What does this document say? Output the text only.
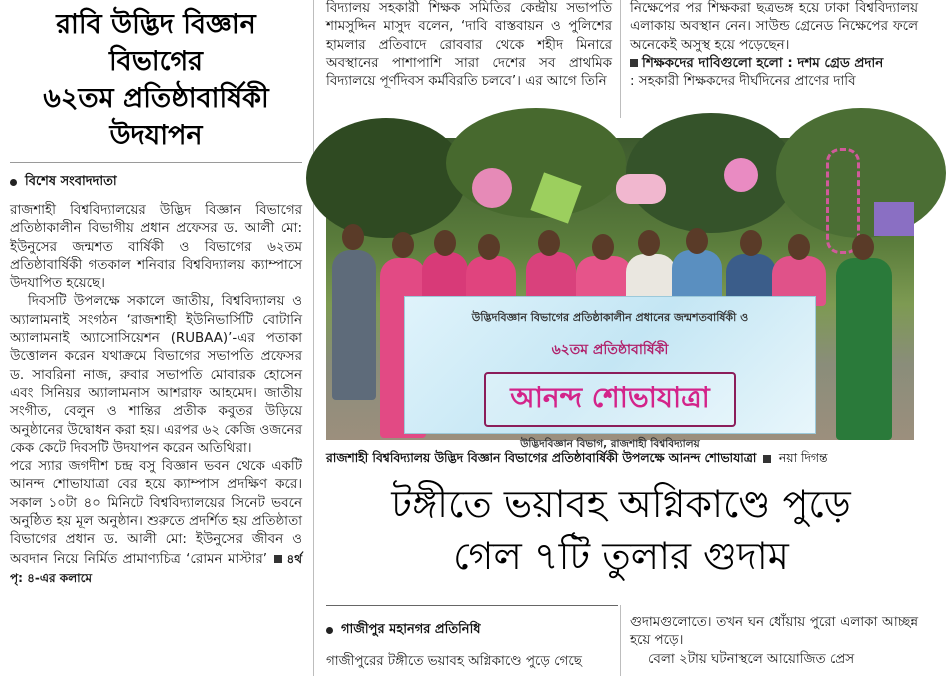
রাবি উদ্ভিদ বিজ্ঞান বিভাগের
৬২তম প্রতিষ্ঠাবার্ষিকী
উদযাপন
বিশেষ সংবাদদাতা

রাজশাহী বিশ্ববিদ্যালয়ের উদ্ভিদ বিজ্ঞান বিভাগের প্রতিষ্ঠাকালীন বিভাগীয় প্রধান প্রফেসর ড. আলী মো: ইউনুসের জন্মশত বার্ষিকী ও বিভাগের ৬২তম প্রতিষ্ঠাবার্ষিকী গতকাল শনিবার বিশ্ববিদ্যালয় ক্যাম্পাসে উদযাপিত হয়েছে।

দিবসটি উপলক্ষে সকালে জাতীয়, বিশ্ববিদ্যালয় ও অ্যালামনাই সংগঠন ‘রাজশাহী ইউনিভার্সিটি বোটানি অ্যালামনাই অ্যাসোসিয়েশন (RUBAA)’-এর পতাকা উত্তোলন করেন যথাক্রমে বিভাগের সভাপতি প্রফেসর ড. সাবরিনা নাজ, রুবার সভাপতি মোবারক হোসেন এবং সিনিয়র অ্যালামনাস আশরাফ আহমেদ। জাতীয় সংগীত, বেলুন ও শান্তির প্রতীক কবুতর উড়িয়ে অনুষ্ঠানের উদ্বোধন করা হয়। এরপর ৬২ কেজি ওজনের কেক কেটে দিবসটি উদযাপন করেন অতিথিরা।

পরে স্যার জগদীশ চন্দ্র বসু বিজ্ঞান ভবন থেকে একটি আনন্দ শোভাযাত্রা বের হয়ে ক্যাম্পাস প্রদক্ষিণ করে। সকাল ১০টা ৪০ মিনিটে বিশ্ববিদ্যালয়ের সিনেট ভবনে অনুষ্ঠিত হয় মূল অনুষ্ঠান। শুরুতে প্রদর্শিত হয় প্রতিষ্ঠাতা বিভাগের প্রধান ড. আলী মো: ইউনুসের জীবন ও অবদান নিয়ে নির্মিত প্রামাণ্যচিত্র ‘রোমন মাস্টার’ ৪র্থ পৃ: ৪-এর কলামে

বিদ্যালয় সহকারী শিক্ষক সমিতির কেন্দ্রীয় সভাপতি শামসুদ্দিন মাসুদ বলেন, ‘দাবি বাস্তবায়ন ও পুলিশের হামলার প্রতিবাদে রোববার থেকে শহীদ মিনারে অবস্থানের পাশাপাশি সারা দেশের সব প্রাথমিক বিদ্যালয়ে পূর্ণদিবস কর্মবিরতি চলবে’। এর আগে তিনি

নিক্ষেপের পর শিক্ষকরা ছত্রভঙ্গ হয়ে ঢাকা বিশ্ববিদ্যালয় এলাকায় অবস্থান নেন। সাউন্ড গ্রেনেড নিক্ষেপের ফলে অনেকেই অসুস্থ হয়ে পড়েছেন।

শিক্ষকদের দাবিগুলো হলো : দশম গ্রেড প্রদান
: সহকারী শিক্ষকদের দীর্ঘদিনের প্রাণের দাবি
উদ্ভিদবিজ্ঞান বিভাগের প্রতিষ্ঠাকালীন প্রধানের জন্মশতবার্ষিকী ও
৬২তম প্রতিষ্ঠাবার্ষিকী
আনন্দ শোভাযাত্রা
উদ্ভিদবিজ্ঞান বিভাগ, রাজশাহী বিশ্ববিদ্যালয়
রাজশাহী বিশ্ববিদ্যালয় উদ্ভিদ বিজ্ঞান বিভাগের প্রতিষ্ঠাবার্ষিকী উপলক্ষে আনন্দ শোভাযাত্রা নয়া দিগন্ত
টঙ্গীতে ভয়াবহ অগ্নিকাণ্ডে পুড়ে
গেল ৭টি তুলার গুদাম
গাজীপুর মহানগর প্রতিনিধি
গাজীপুরের টঙ্গীতে ভয়াবহ অগ্নিকাণ্ডে পুড়ে গেছে
গুদামগুলোতে। তখন ঘন ধোঁয়ায় পুরো এলাকা আচ্ছন্ন হয়ে পড়ে।
বেলা ২টায় ঘটনাস্থলে আয়োজিত প্রেস
